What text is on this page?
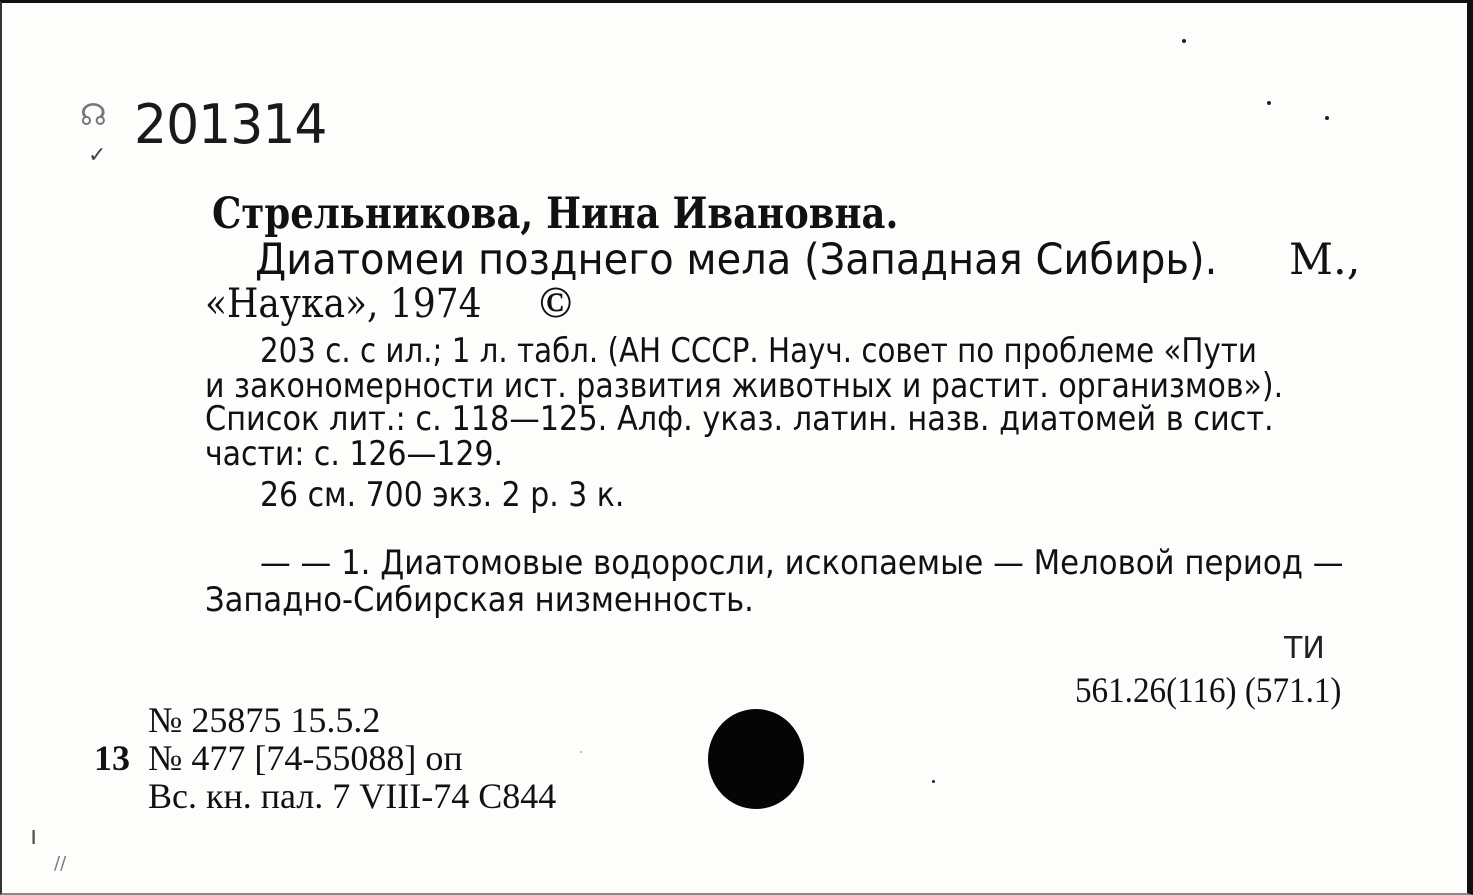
☊
✓ 201314
Стрельникова, Нина Ивановна.
Диатомеи позднего мела (Западная Сибирь). М.,
«Наука», 1974 ©
203 с. с ил.; 1 л. табл. (АН СССР. Науч. совет по проблеме «Пути
и закономерности ист. развития животных и растит. организмов»).
Список лит.: с. 118—125. Алф. указ. латин. назв. диатомей в сист.
части: с. 126—129.
26 см. 700 экз. 2 р. 3 к.
— — 1. Диатомовые водоросли, ископаемые — Меловой период —
Западно-Сибирская низменность.
ТИ
561.26(116) (571.1)
13
№ 25875 15.5.2
№ 477 [74-55088] оп
Вс. кн. пал. 7 VIII-74 С844
ı
//
